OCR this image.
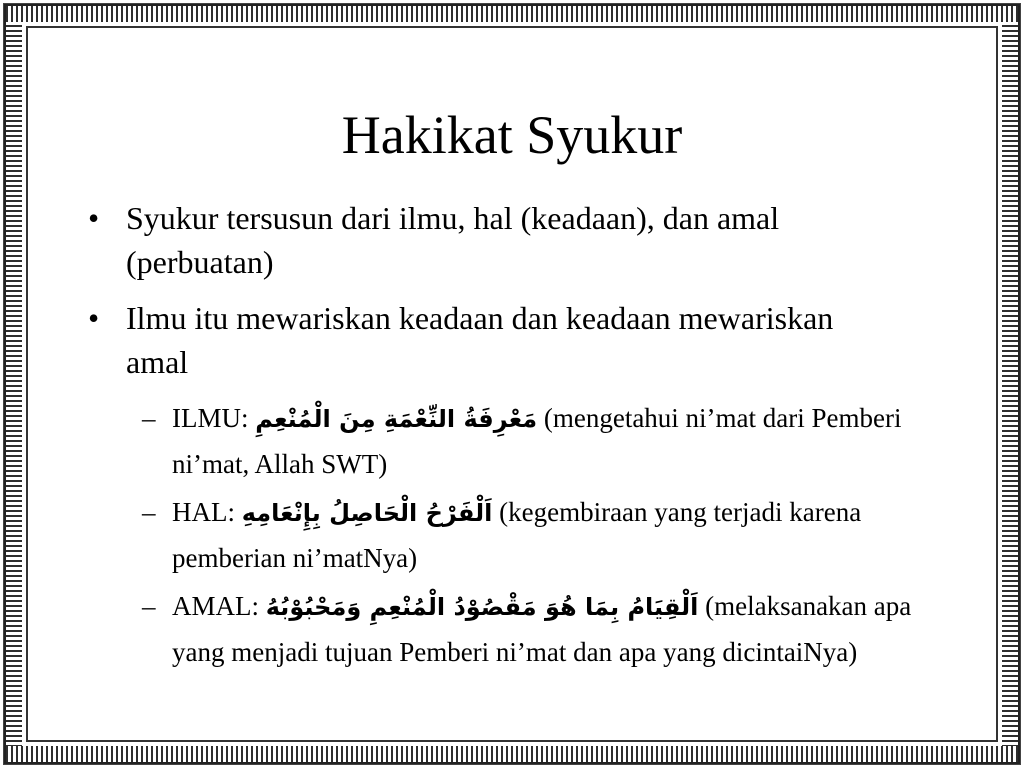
Hakikat Syukur
• Syukur tersusun dari ilmu, hal (keadaan), dan amal (perbuatan)
• Ilmu itu mewariskan keadaan dan keadaan mewariskan amal
– ILMU: مَعْرِفَةُ النِّعْمَةِ مِنَ الْمُنْعِمِ (mengetahui ni’mat dari Pemberi ni’mat, Allah SWT)
– HAL: اَلْفَرْحُ الْحَاصِلُ بِإِنْعَامِهِ (kegembiraan yang terjadi karena pemberian ni’matNya)
– AMAL: اَلْقِيَامُ بِمَا هُوَ مَقْصُوْدُ الْمُنْعِمِ وَمَحْبُوْبُهُ (melaksanakan apa yang menjadi tujuan Pemberi ni’mat dan apa yang dicintaiNya)
